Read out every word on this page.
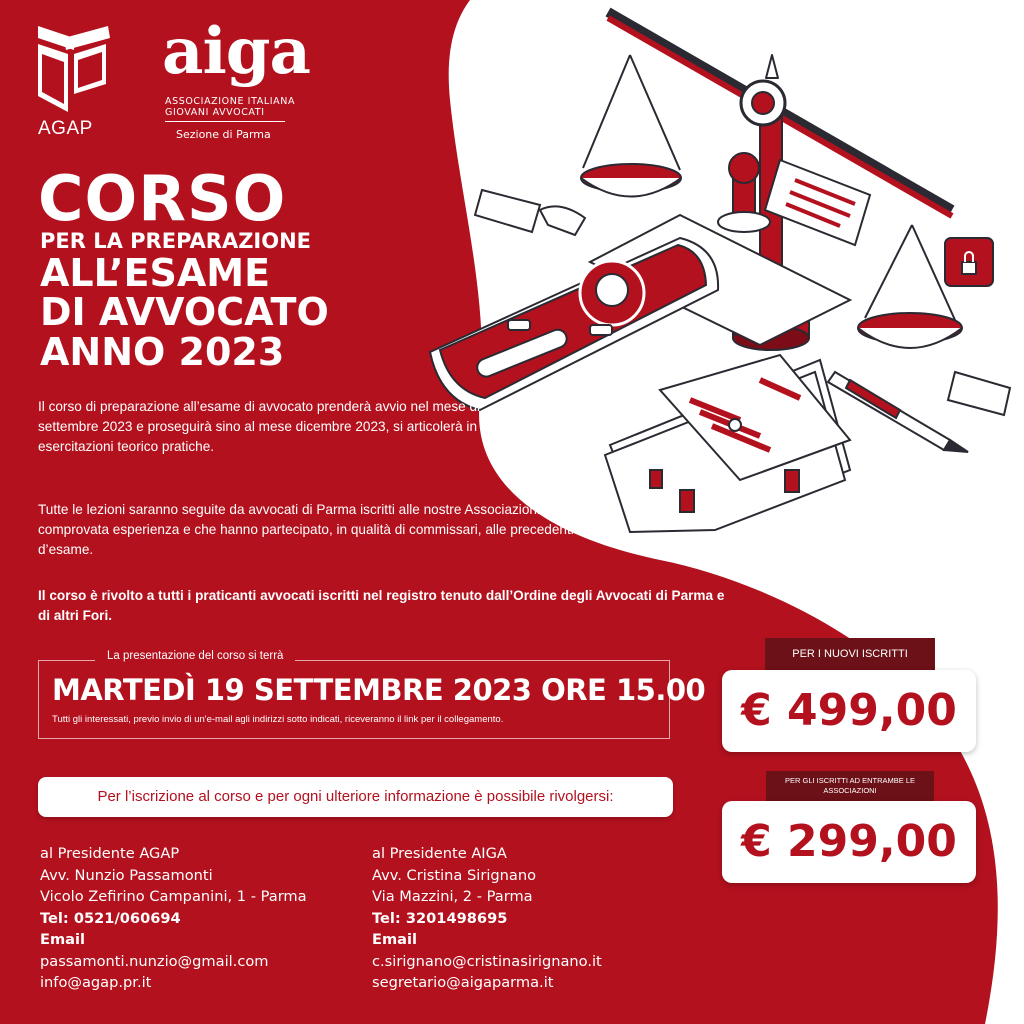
AGAP
aiga
ASSOCIAZIONE ITALIANA
GIOVANI AVVOCATI
Sezione di Parma
CORSO
PER LA PREPARAZIONE
ALL’ESAME
DI AVVOCATO
ANNO 2023
Il corso di preparazione all’esame di avvocato prenderà avvio nel mese di settembre 2023 e proseguirà sino al mese dicembre 2023, si articolerà in 20 esercitazioni teorico pratiche.
Tutte le lezioni saranno seguite da avvocati di Parma iscritti alle nostre Associazioni e da colleghi con comprovata esperienza e che hanno partecipato, in qualità di commissari, alle precedenti sessioni d’esame.
Il corso è rivolto a tutti i praticanti avvocati iscritti nel registro tenuto dall’Ordine degli Avvocati di Parma e di altri Fori.
La presentazione del corso si terrà
MARTEDÌ 19 SETTEMBRE 2023 ORE 15.00
Tutti gli interessati, previo invio di un'e-mail agli indirizzi sotto indicati, riceveranno il link per il collegamento.
Per l’iscrizione al corso e per ogni ulteriore informazione è possibile rivolgersi:
al Presidente AGAP
Avv. Nunzio Passamonti
Vicolo Zefirino Campanini, 1 - Parma
Tel: 0521/060694
Email
passamonti.nunzio@gmail.com
info@agap.pr.it
al Presidente AIGA
Avv. Cristina Sirignano
Via Mazzini, 2 - Parma
Tel: 3201498695
Email
c.sirignano@cristinasirignano.it
segretario@aigaparma.it
PER I NUOVI ISCRITTI
€ 499,00
PER GLI ISCRITTI AD ENTRAMBE LE ASSOCIAZIONI
€ 299,00
